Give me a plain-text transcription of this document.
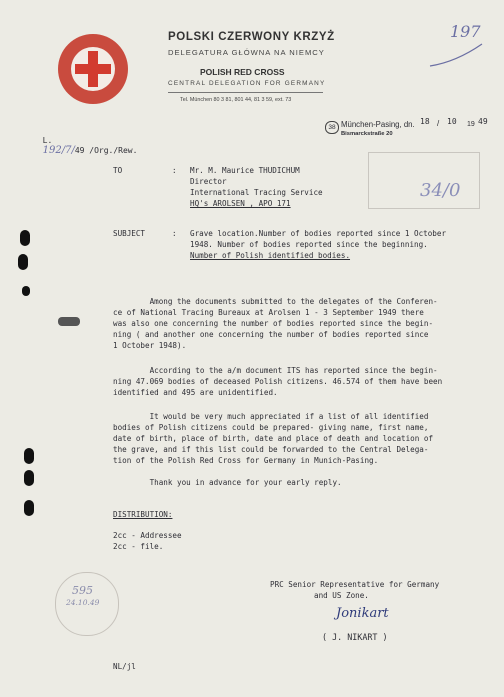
POLSKI CZERWONY KRZYŻ
DELEGATURA GŁÓWNA NA NIEMCY
POLISH RED CROSS
CENTRAL DELEGATION FOR GERMANY
Tel. München 80 3 81, 801 44, 81 3 59, ext. 73
197

L.
192/7/49 /Org./Rew.

38 München-Pasing, dn. 18 / 10 19 49
Bismarckstraße 20
34/0
TO	: Mr. M. Maurice THUDICHUM
Director
International Tracing Service
HQ's AROLSEN , APO 171
SUBJECT	: Grave location.Number of bodies reported since 1 October
1948. Number of bodies reported since the beginning.
Number of Polish identified bodies.
Among the documents submitted to the delegates of the Conferen-
ce of National Tracing Bureaux at Arolsen 1 - 3 September 1949 there
was also one concerning the number of bodies reported since the begin-
ning ( and another one concerning the number of bodies reported since
1 October 1948).
According to the a/m document ITS has reported since the begin-
ning 47.069 bodies of deceased Polish citizens. 46.574 of them have been
identified and 495 are unidentified.
It would be very much appreciated if a list of all identified
bodies of Polish citizens could be prepared- giving name, first name,
date of birth, place of birth, date and place of death and location of
the grave, and if this list could be forwarded to the Central Delega-
tion of the Polish Red Cross for Germany in Munich-Pasing.
Thank you in advance for your early reply.
DISTRIBUTION:
2cc - Addressee
2cc - file.
595
24.10.49
PRC Senior Representative for Germany
and US Zone.
Jonikart
( J. NIKART )
NL/jl
